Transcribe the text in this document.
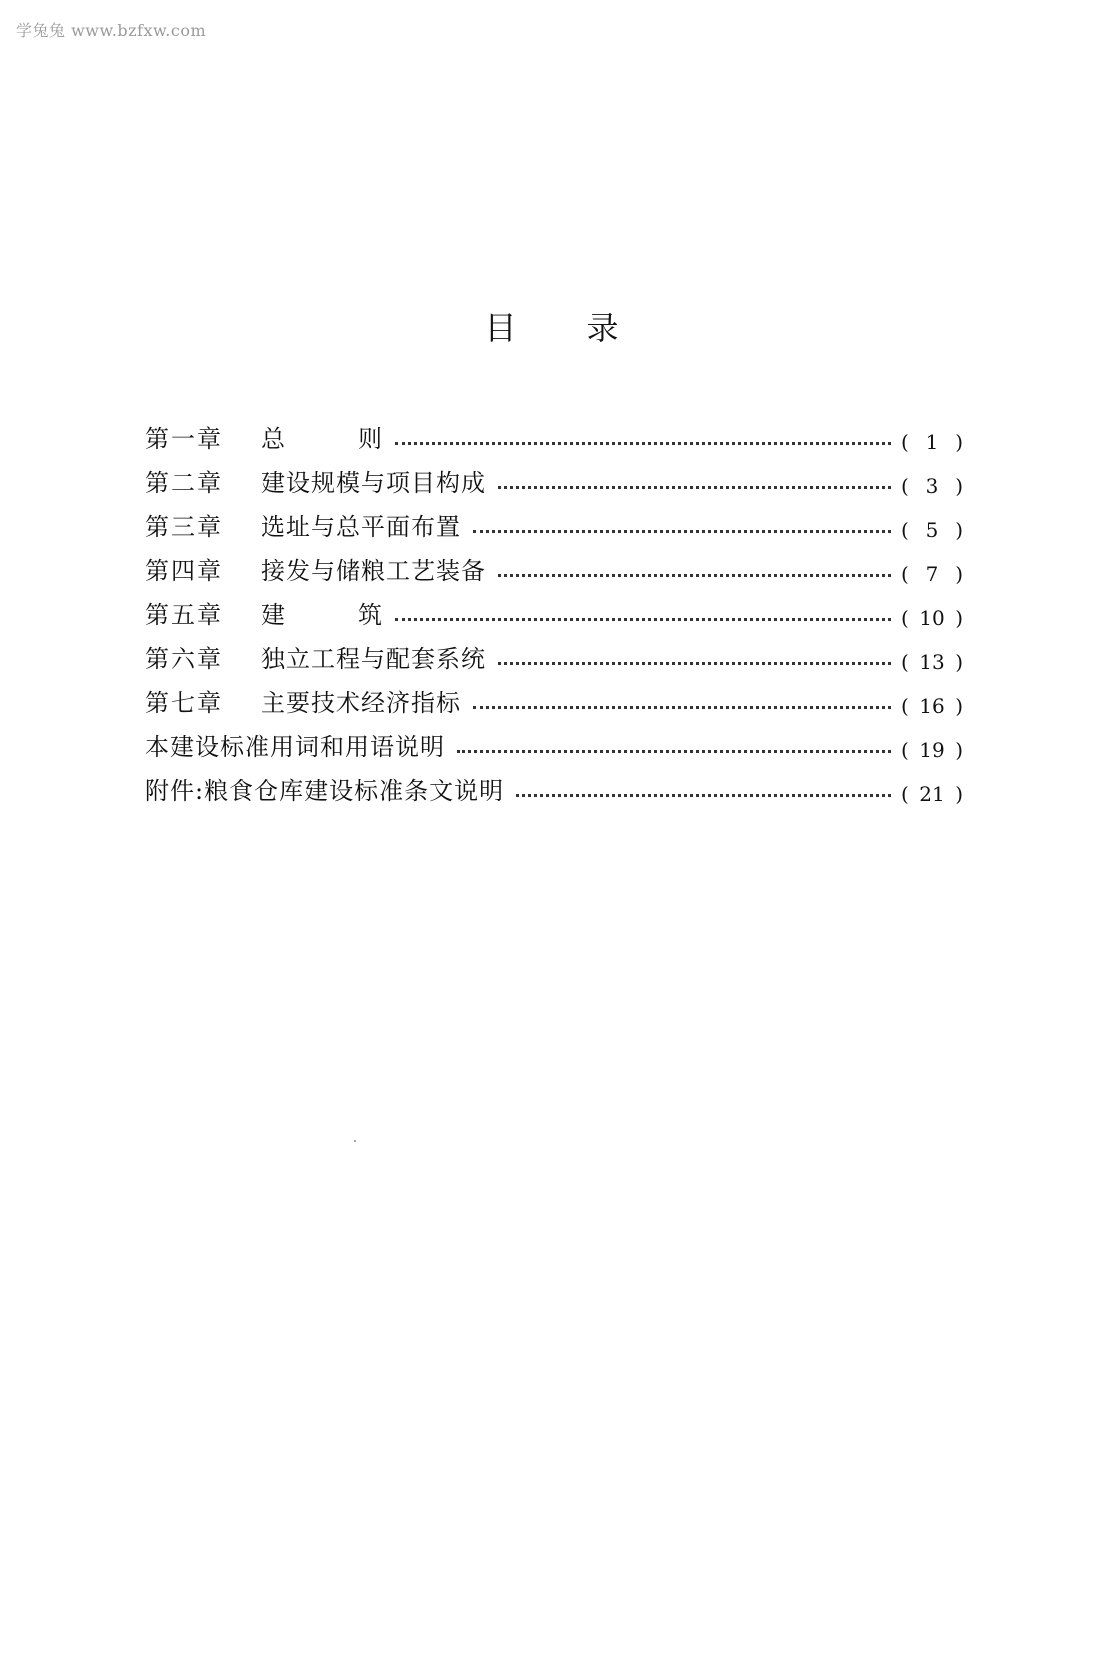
学兔兔 www.bzfxw.com
目 录
第一章	总	则	( 1 )
第二章	建设规模与项目构成	( 3 )
第三章	选址与总平面布置	( 5 )
第四章	接发与储粮工艺装备	( 7 )
第五章	建	筑	( 10 )
第六章	独立工程与配套系统	( 13 )
第七章	主要技术经济指标	( 16 )
本建设标准用词和用语说明	( 19 )
附件:粮食仓库建设标准条文说明	( 21 )
